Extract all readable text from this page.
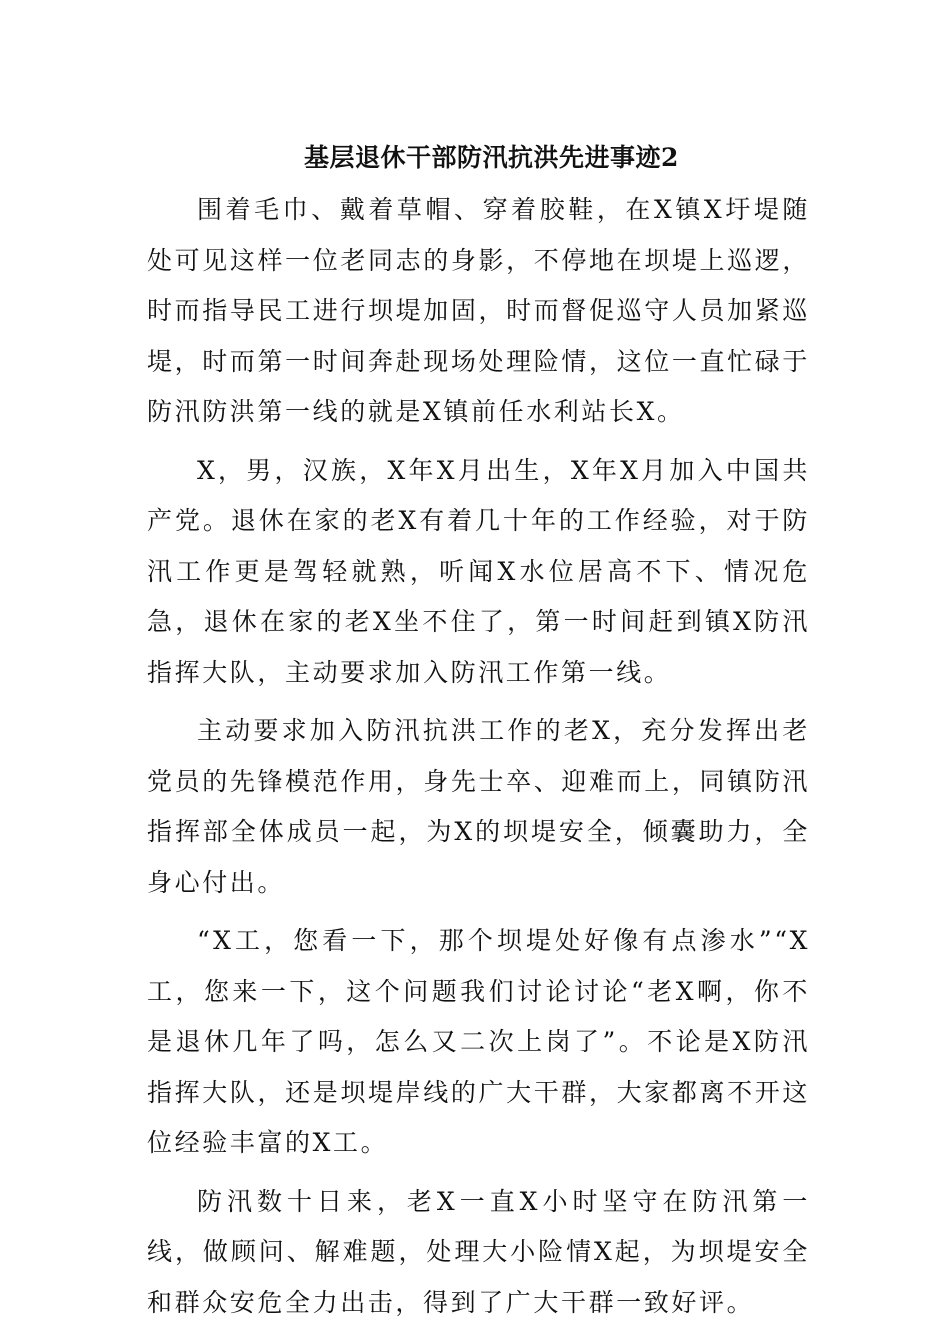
基层退休干部防汛抗洪先进事迹2

围着毛巾、戴着草帽、穿着胶鞋，在X镇X圩堤随处可见这样一位老同志的身影，不停地在坝堤上巡逻，时而指导民工进行坝堤加固，时而督促巡守人员加紧巡堤，时而第一时间奔赴现场处理险情，这位一直忙碌于防汛防洪第一线的就是X镇前任水利站长X。

X，男，汉族，X年X月出生，X年X月加入中国共产党。退休在家的老X有着几十年的工作经验，对于防汛工作更是驾轻就熟，听闻X水位居高不下、情况危急，退休在家的老X坐不住了，第一时间赶到镇X防汛指挥大队，主动要求加入防汛工作第一线。

主动要求加入防汛抗洪工作的老X，充分发挥出老党员的先锋模范作用，身先士卒、迎难而上，同镇防汛指挥部全体成员一起，为X的坝堤安全，倾囊助力，全身心付出。

“X工，您看一下，那个坝堤处好像有点渗水”“X工，您来一下，这个问题我们讨论讨论“老X啊，你不是退休几年了吗，怎么又二次上岗了”。不论是X防汛指挥大队，还是坝堤岸线的广大干群，大家都离不开这位经验丰富的X工。

防汛数十日来，老X一直X小时坚守在防汛第一线，做顾问、解难题，处理大小险情X起，为坝堤安全和群众安危全力出击，得到了广大干群一致好评。
